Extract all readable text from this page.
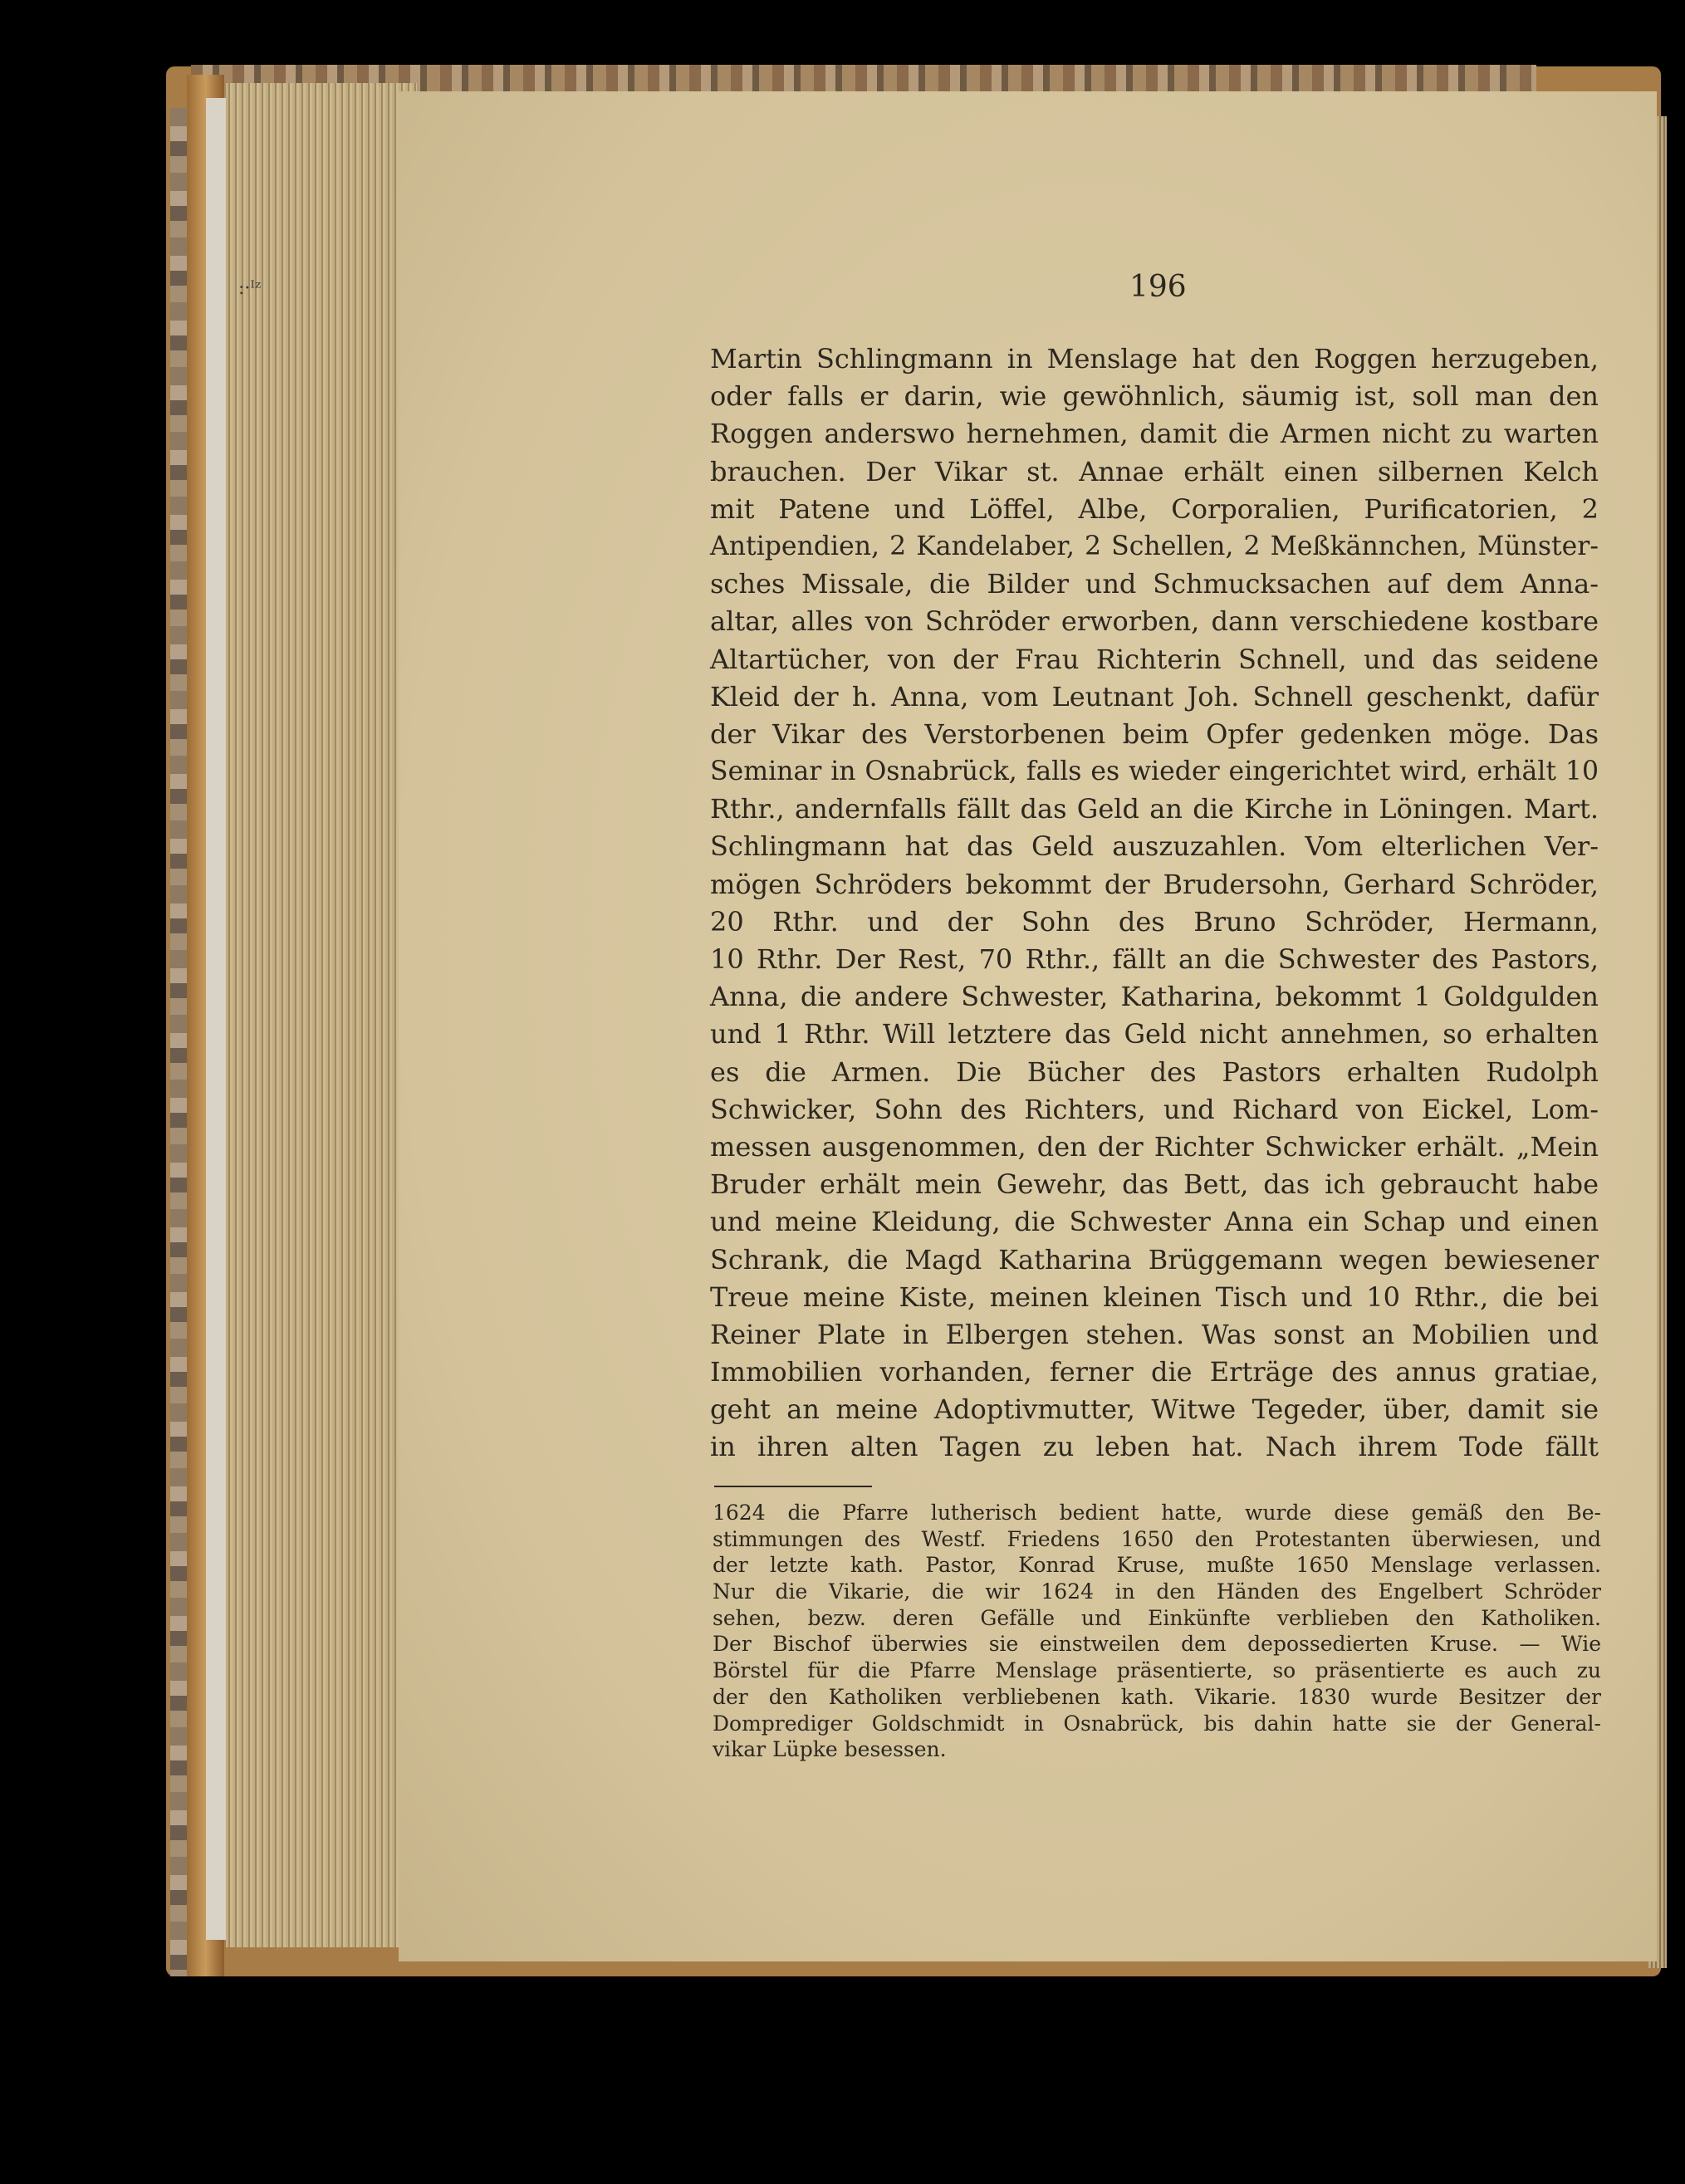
:·ᴵᶻ	196
Martin Schlingmann in Menslage hat den Roggen herzugeben,
oder falls er darin, wie gewöhnlich, säumig ist, soll man den
Roggen anderswo hernehmen, damit die Armen nicht zu warten
brauchen. Der Vikar st. Annae erhält einen silbernen Kelch
mit Patene und Löffel, Albe, Corporalien, Purificatorien, 2
Antipendien, 2 Kandelaber, 2 Schellen, 2 Meßkännchen, Münster-
sches Missale, die Bilder und Schmucksachen auf dem Anna-
altar, alles von Schröder erworben, dann verschiedene kostbare
Altartücher, von der Frau Richterin Schnell, und das seidene
Kleid der h. Anna, vom Leutnant Joh. Schnell geschenkt, dafür
der Vikar des Verstorbenen beim Opfer gedenken möge. Das
Seminar in Osnabrück, falls es wieder eingerichtet wird, erhält 10
Rthr., andernfalls fällt das Geld an die Kirche in Löningen. Mart.
Schlingmann hat das Geld auszuzahlen. Vom elterlichen Ver-
mögen Schröders bekommt der Brudersohn, Gerhard Schröder,
20 Rthr. und der Sohn des Bruno Schröder, Hermann,
10 Rthr. Der Rest, 70 Rthr., fällt an die Schwester des Pastors,
Anna, die andere Schwester, Katharina, bekommt 1 Goldgulden
und 1 Rthr. Will letztere das Geld nicht annehmen, so erhalten
es die Armen. Die Bücher des Pastors erhalten Rudolph
Schwicker, Sohn des Richters, und Richard von Eickel, Lom-
messen ausgenommen, den der Richter Schwicker erhält. „Mein
Bruder erhält mein Gewehr, das Bett, das ich gebraucht habe
und meine Kleidung, die Schwester Anna ein Schap und einen
Schrank, die Magd Katharina Brüggemann wegen bewiesener
Treue meine Kiste, meinen kleinen Tisch und 10 Rthr., die bei
Reiner Plate in Elbergen stehen. Was sonst an Mobilien und
Immobilien vorhanden, ferner die Erträge des annus gratiae,
geht an meine Adoptivmutter, Witwe Tegeder, über, damit sie
in ihren alten Tagen zu leben hat. Nach ihrem Tode fällt
1624 die Pfarre lutherisch bedient hatte, wurde diese gemäß den Be-
stimmungen des Westf. Friedens 1650 den Protestanten überwiesen, und
der letzte kath. Pastor, Konrad Kruse, mußte 1650 Menslage verlassen.
Nur die Vikarie, die wir 1624 in den Händen des Engelbert Schröder
sehen, bezw. deren Gefälle und Einkünfte verblieben den Katholiken.
Der Bischof überwies sie einstweilen dem depossedierten Kruse. — Wie
Börstel für die Pfarre Menslage präsentierte, so präsentierte es auch zu
der den Katholiken verbliebenen kath. Vikarie. 1830 wurde Besitzer der
Domprediger Goldschmidt in Osnabrück, bis dahin hatte sie der General-
vikar Lüpke besessen.
